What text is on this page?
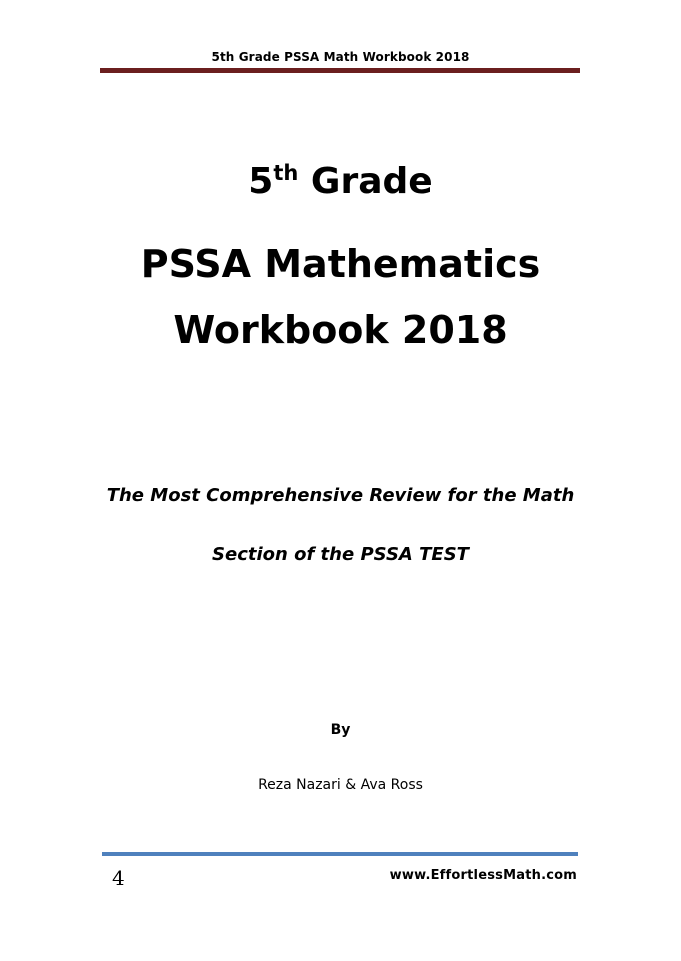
5th Grade PSSA Math Workbook 2018
5th Grade
PSSA Mathematics
Workbook 2018
The Most Comprehensive Review for the Math
Section of the PSSA TEST
By
Reza Nazari & Ava Ross
4	www.EffortlessMath.com
